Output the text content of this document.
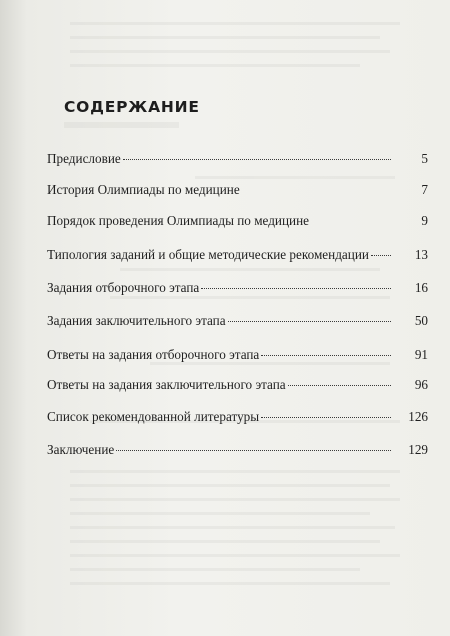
СОДЕРЖАНИЕ
Предисловие	5
История Олимпиады по медицине	7
Порядок проведения Олимпиады по медицине	9
Типология заданий и общие методические рекомендации	13
Задания отборочного этапа	16
Задания заключительного этапа	50
Ответы на задания отборочного этапа	91
Ответы на задания заключительного этапа	96
Список рекомендованной литературы	126
Заключение	129
